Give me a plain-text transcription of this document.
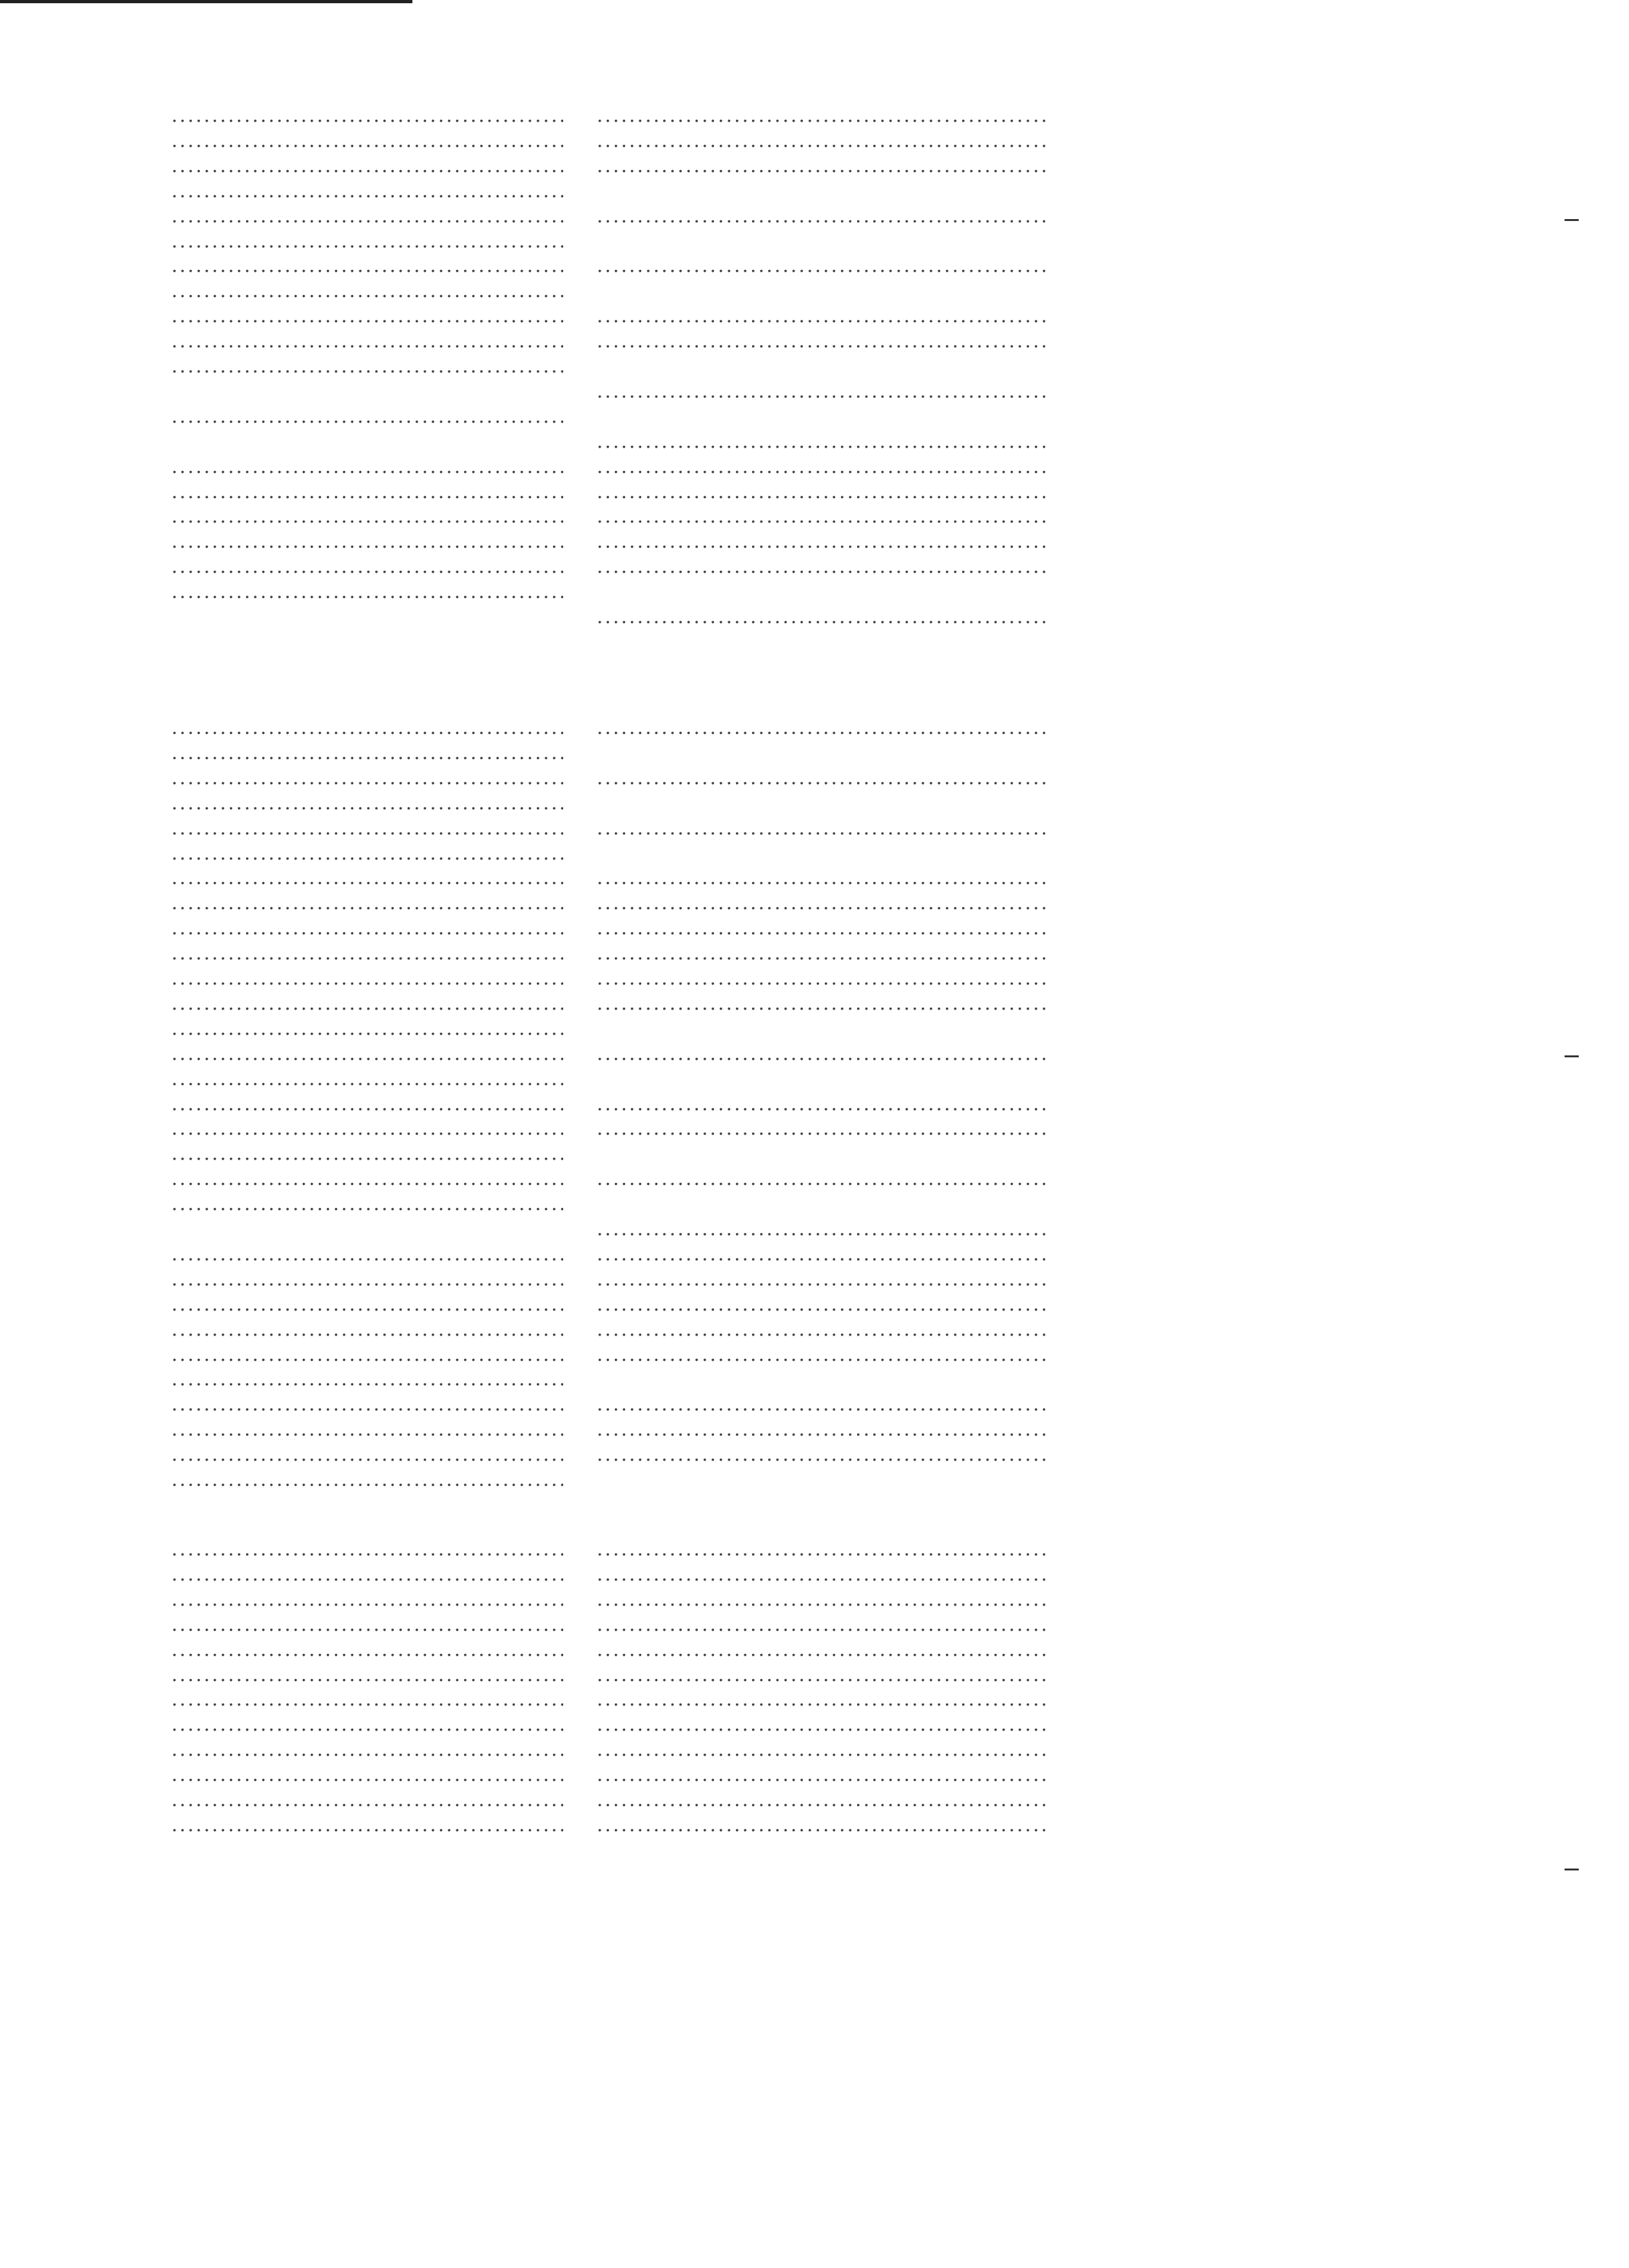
.....
.....
.....
.....
.....
.....
.....
.....
.....
.....
.....
.....
.....
.....
.....
.....
.....
.....
.....
.....
.....
.....
.....
.....
.....
.....
.....
.....
.....
.....
.....
.....
.....
.....
.....
.....
.....
.....
.....
.....
.....
.....
.....
.....
.....
.....
.....
.....
.....
.....
.....
.....
.....
.....
.....
.....
.....
.....
.....
.....
.....
.....
.....
.....
.....
.....
.....
.....
.....
.....
.....
.....
.....
.....
.....
.....
.....
.....
.....
.....
.....
.....
.....
.....
.....
.....
.....
.....
.....
.....
.....
.....
.....
.....
.....
.....
.....
.....
.....
.....
.....
.....
.....
.....
.....
.....
.....
.....
.....
